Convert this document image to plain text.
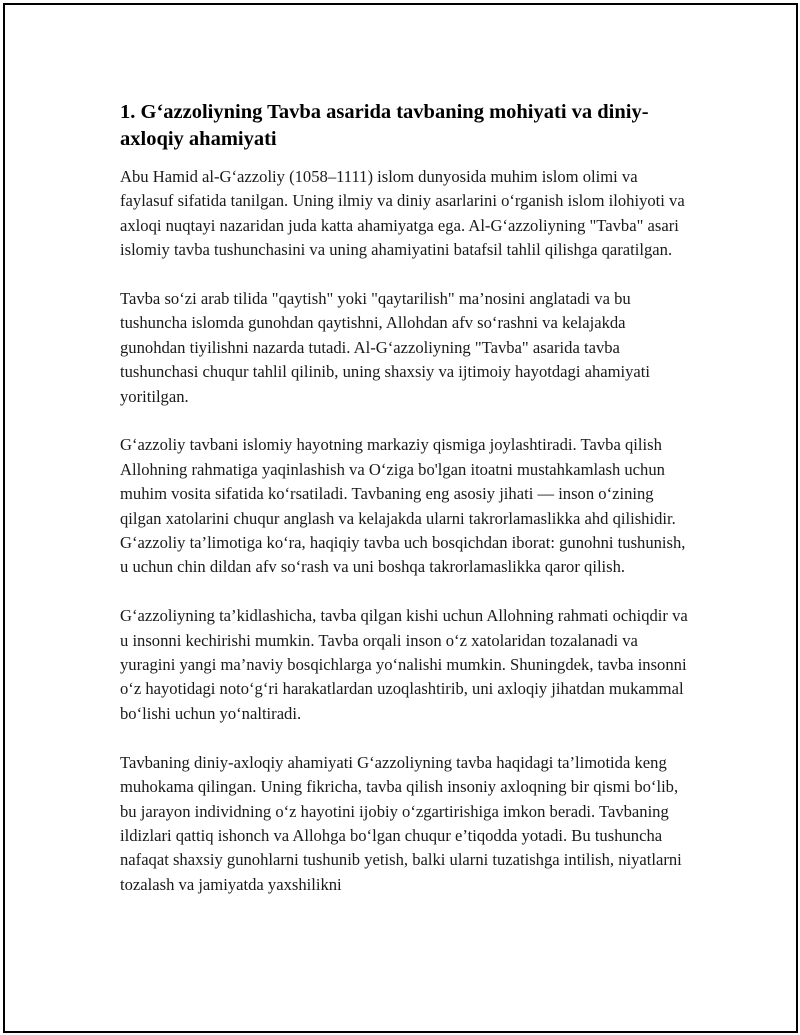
1. G‘azzoliyning Tavba asarida tavbaning mohiyati va diniy-axloqiy ahamiyati

Abu Hamid al-G‘azzoliy (1058–1111) islom dunyosida muhim islom olimi va faylasuf sifatida tanilgan. Uning ilmiy va diniy asarlarini o‘rganish islom ilohiyoti va axloqi nuqtayi nazaridan juda katta ahamiyatga ega. Al-G‘azzoliyning "Tavba" asari islomiy tavba tushunchasini va uning ahamiyatini batafsil tahlil qilishga qaratilgan.

Tavba so‘zi arab tilida "qaytish" yoki "qaytarilish" ma’nosini anglatadi va bu tushuncha islomda gunohdan qaytishni, Allohdan afv so‘rashni va kelajakda gunohdan tiyilishni nazarda tutadi. Al-G‘azzoliyning "Tavba" asarida tavba tushunchasi chuqur tahlil qilinib, uning shaxsiy va ijtimoiy hayotdagi ahamiyati yoritilgan.

G‘azzoliy tavbani islomiy hayotning markaziy qismiga joylashtiradi. Tavba qilish Allohning rahmatiga yaqinlashish va O‘ziga bo'lgan itoatni mustahkamlash uchun muhim vosita sifatida ko‘rsatiladi. Tavbaning eng asosiy jihati — inson o‘zining qilgan xatolarini chuqur anglash va kelajakda ularni takrorlamaslikka ahd qilishidir. G‘azzoliy ta’limotiga ko‘ra, haqiqiy tavba uch bosqichdan iborat: gunohni tushunish, u uchun chin dildan afv so‘rash va uni boshqa takrorlamaslikka qaror qilish.

G‘azzoliyning ta’kidlashicha, tavba qilgan kishi uchun Allohning rahmati ochiqdir va u insonni kechirishi mumkin. Tavba orqali inson o‘z xatolaridan tozalanadi va yuragini yangi ma’naviy bosqichlarga yo‘nalishi mumkin. Shuningdek, tavba insonni o‘z hayotidagi noto‘g‘ri harakatlardan uzoqlashtirib, uni axloqiy jihatdan mukammal bo‘lishi uchun yo‘naltiradi.

Tavbaning diniy-axloqiy ahamiyati G‘azzoliyning tavba haqidagi ta’limotida keng muhokama qilingan. Uning fikricha, tavba qilish insoniy axloqning bir qismi bo‘lib, bu jarayon individning o‘z hayotini ijobiy o‘zgartirishiga imkon beradi. Tavbaning ildizlari qattiq ishonch va Allohga bo‘lgan chuqur e’tiqodda yotadi. Bu tushuncha nafaqat shaxsiy gunohlarni tushunib yetish, balki ularni tuzatishga intilish, niyatlarni tozalash va jamiyatda yaxshilikni
